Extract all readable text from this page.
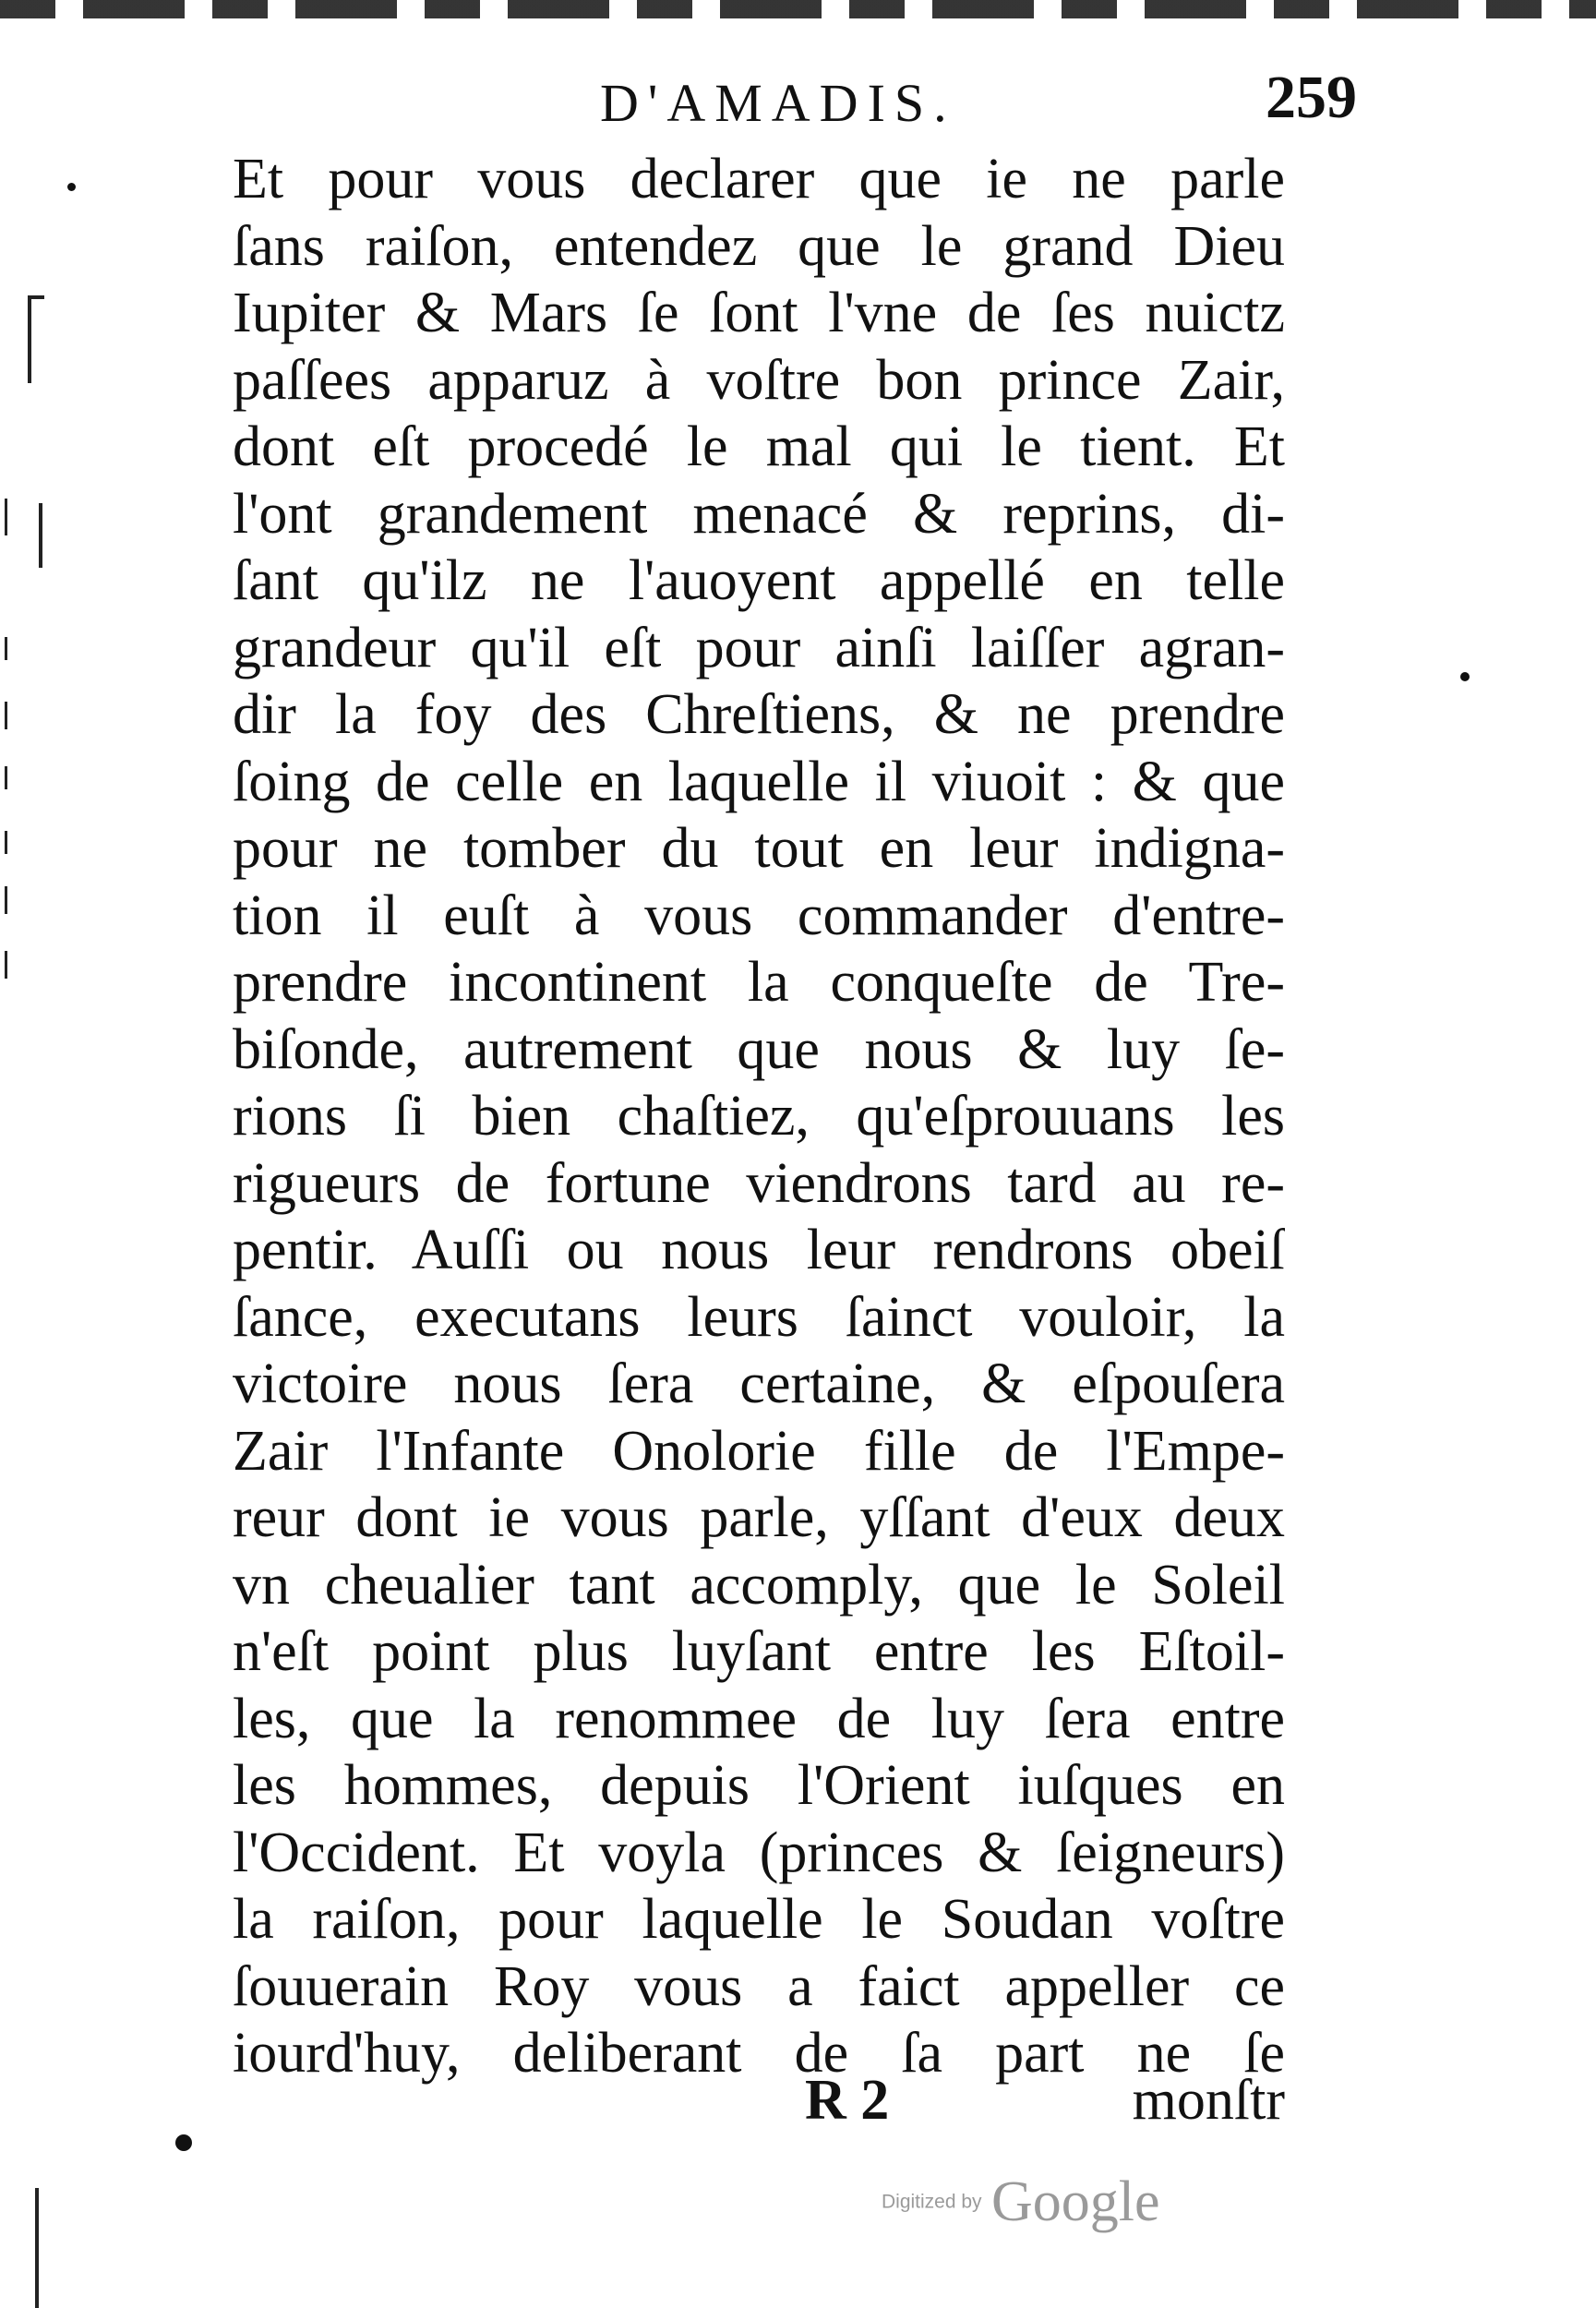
D'AMADIS.	259
Et pour vous declarer que ie ne parle
ſans raiſon, entendez que le grand Dieu
Iupiter & Mars ſe ſont l'vne de ſes nuictz
paſſees apparuz à voſtre bon prince Zair,
dont eſt procedé le mal qui le tient. Et
l'ont grandement menacé & reprins, di-
ſant qu'ilz ne l'auoyent appellé en telle
grandeur qu'il eſt pour ainſi laiſſer agran-
dir la foy des Chreſtiens, & ne prendre
ſoing de celle en laquelle il viuoit : & que
pour ne tomber du tout en leur indigna-
tion il euſt à vous commander d'entre-
prendre incontinent la conqueſte de Tre-
biſonde, autrement que nous & luy ſe-
rions ſi bien chaſtiez, qu'eſprouuans les
rigueurs de fortune viendrons tard au re-
pentir. Auſſi ou nous leur rendrons obeiſ
ſance, executans leurs ſainct vouloir, la
victoire nous ſera certaine, & eſpouſera
Zair l'Infante Onolorie fille de l'Empe-
reur dont ie vous parle, yſſant d'eux deux
vn cheualier tant accomply, que le Soleil
n'eſt point plus luyſant entre les Eſtoil-
les, que la renommee de luy ſera entre
les hommes, depuis l'Orient iuſques en
l'Occident. Et voyla (princes & ſeigneurs)
la raiſon, pour laquelle le Soudan voſtre
ſouuerain Roy vous a faict appeller ce
iourd'huy, deliberant de ſa part ne ſe
R 2	monſtr
Digitized by Google
